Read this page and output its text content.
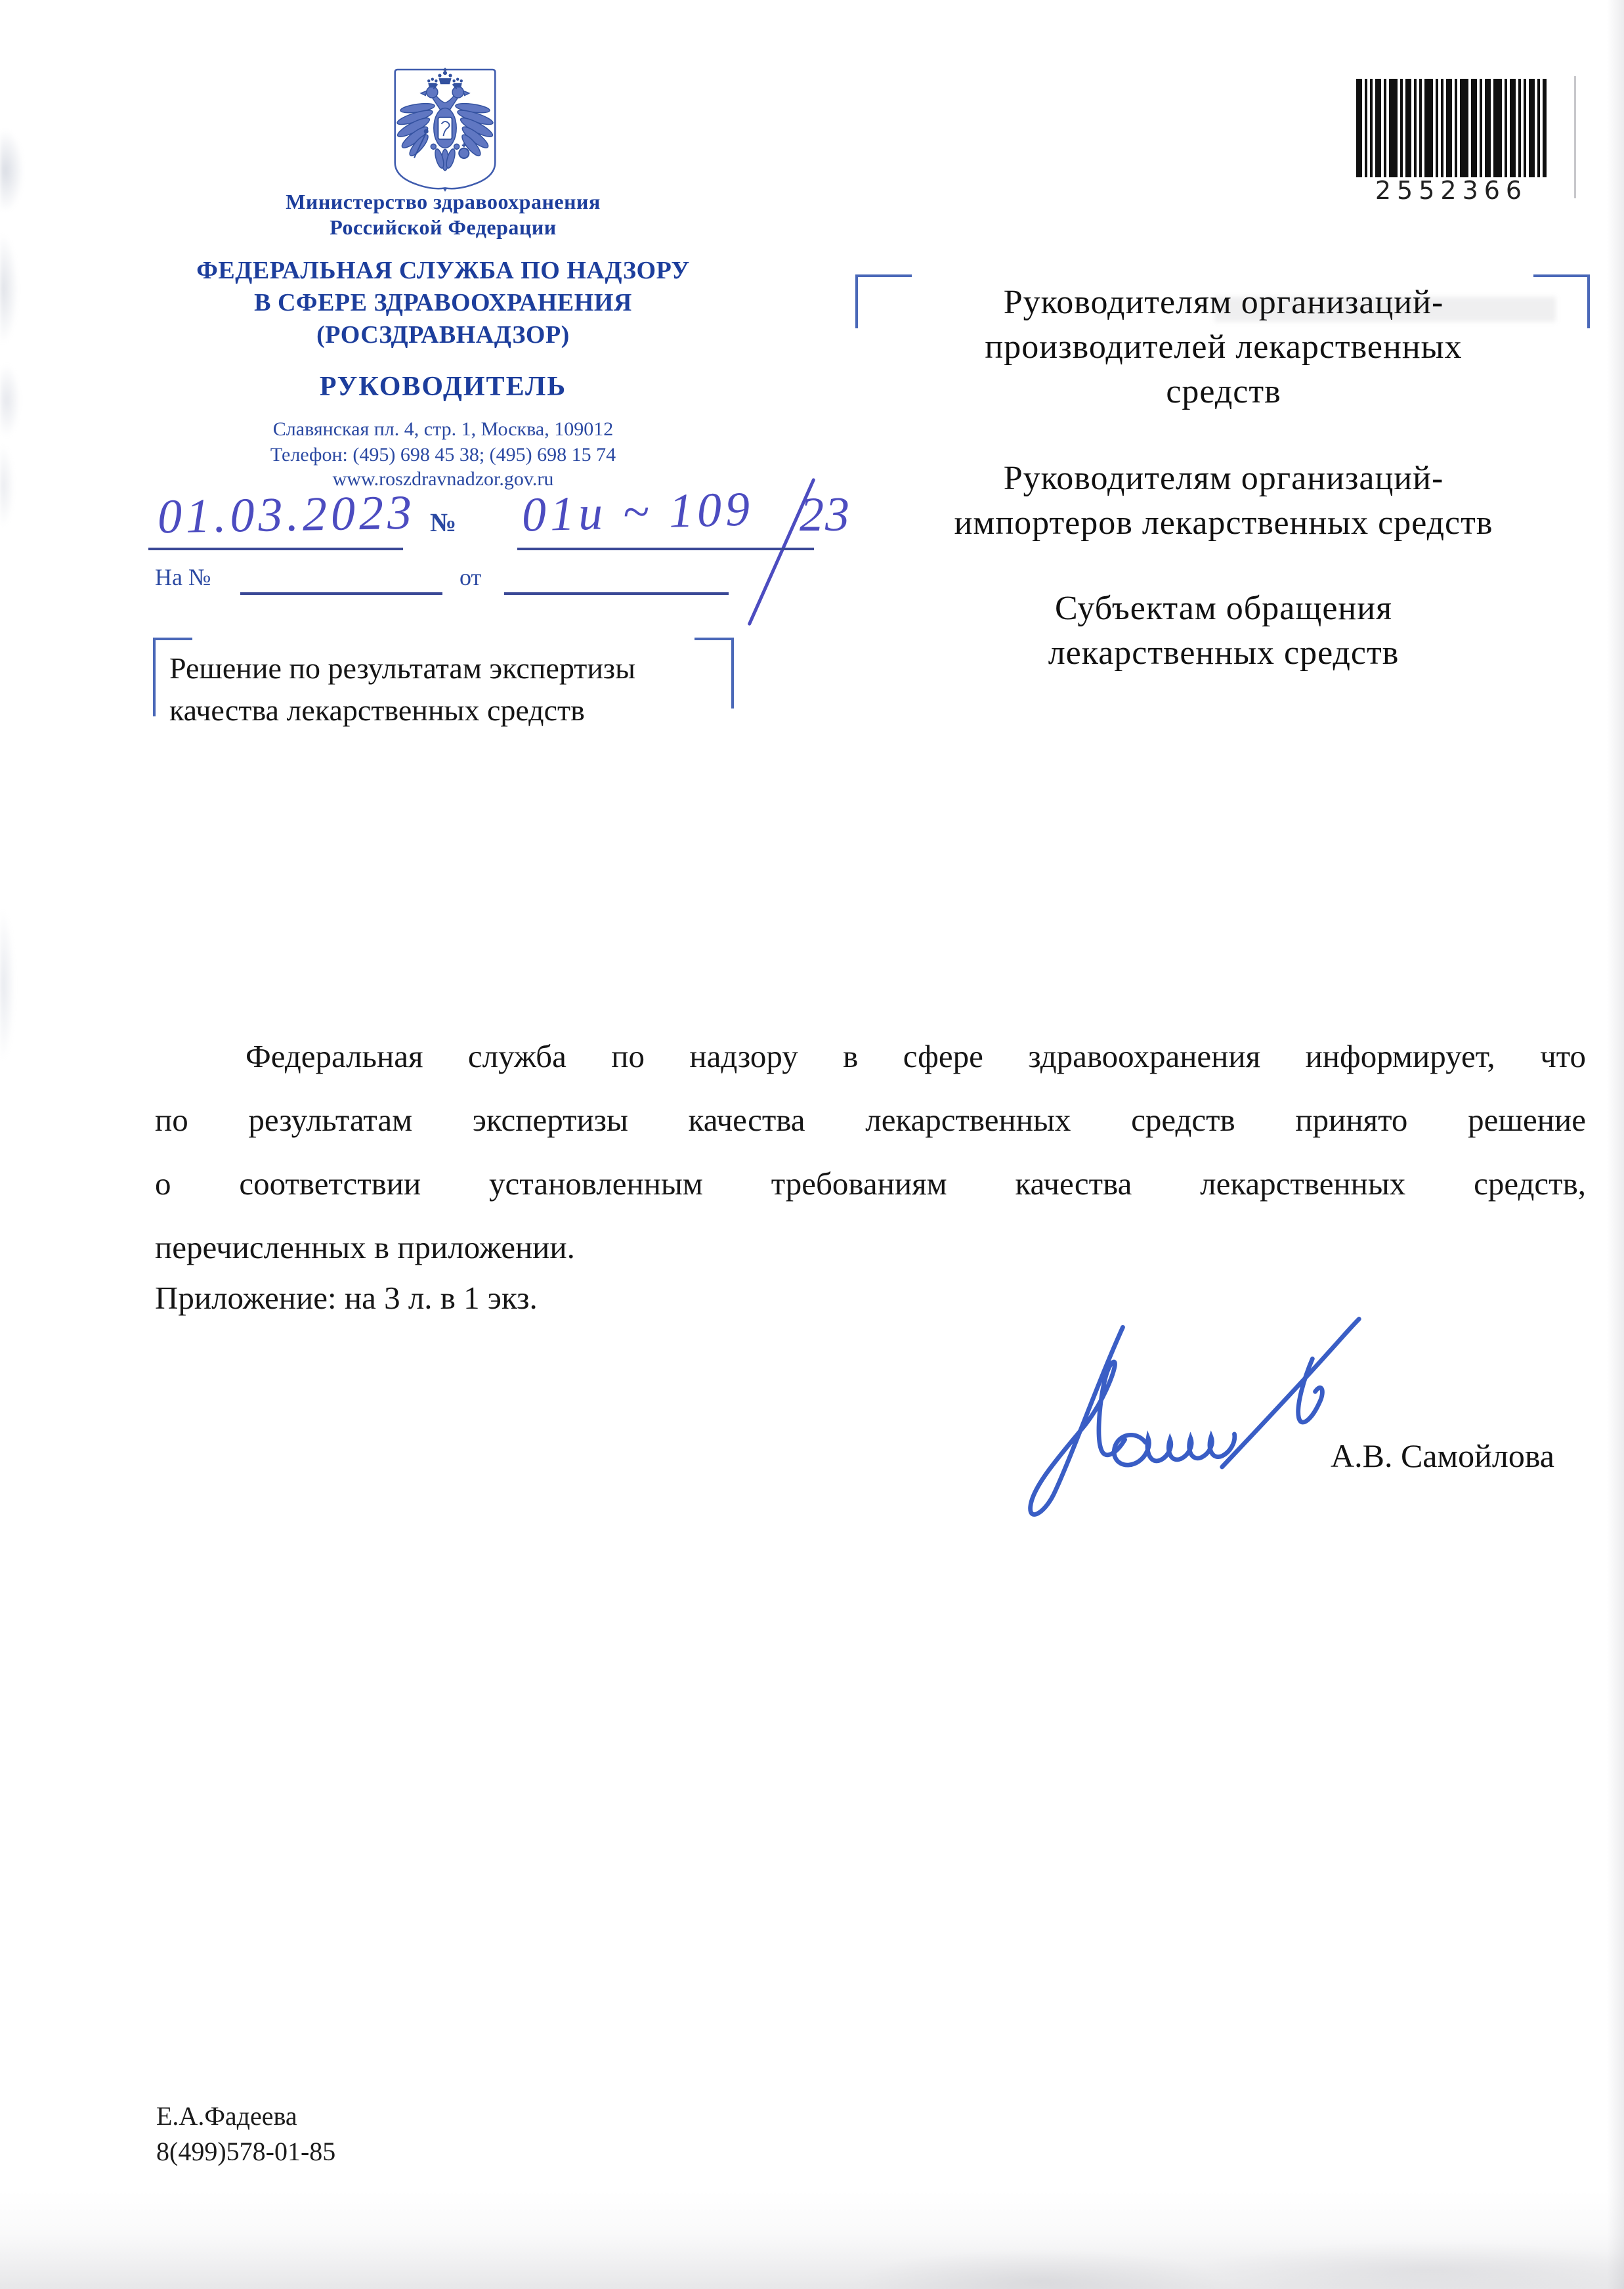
2552366
Министерство здравоохранения
Российской Федерации
ФЕДЕРАЛЬНАЯ СЛУЖБА ПО НАДЗОРУ
В СФЕРЕ ЗДРАВООХРАНЕНИЯ
(РОСЗДРАВНАДЗОР)
РУКОВОДИТЕЛЬ
Славянская пл. 4, стр. 1, Москва, 109012
Телефон: (495) 698 45 38; (495) 698 15 74
www.roszdravnadzor.gov.ru
01.03.2023 № 01и ~ 109 23
На №	от
Решение по результатам экспертизы
качества лекарственных средств
Руководителям организаций-
производителей лекарственных
средств
Руководителям организаций-
импортеров лекарственных средств
Субъектам обращения
лекарственных средств
Федеральная служба по надзору в сфере здравоохранения информирует, что
по результатам экспертизы качества лекарственных средств принято решение
о соответствии установленным требованиям качества лекарственных средств,
перечисленных в приложении.
Приложение: на 3 л. в 1 экз.
А.В. Самойлова
Е.А.Фадеева
8(499)578-01-85
